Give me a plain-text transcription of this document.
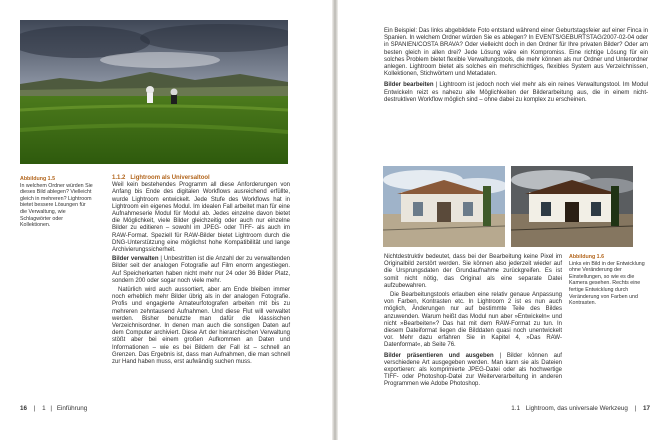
Abbildung 1.5
In welchem Ordner würden Sie dieses Bild ablegen? Vielleicht gleich in mehreren? Lightroom bietet bessere Lösungen für die Verwaltung, wie Schlagwörter oder Kollektionen.

1.1.2 Lightroom als Universaltool
Weil kein bestehendes Programm all diese Anforderungen von Anfang bis Ende des digitalen Workflows ausreichend erfüllte, wurde Lightroom entwickelt. Jede Stufe des Workflows hat in Lightroom ein eigenes Modul. Im idealen Fall arbeitet man für eine Aufnahmeserie Modul für Modul ab. Jedes einzelne davon bietet die Möglichkeit, viele Bilder gleichzeitig oder auch nur einzelne Bilder zu editieren – sowohl im JPEG- oder TIFF- als auch im RAW-Format. Speziell für RAW-Bilder bietet Lightroom durch die DNG-Unterstützung eine möglichst hohe Kompatibilität und lange Archivierungssicherheit.

Bilder verwalten | Unbestritten ist die Anzahl der zu verwaltenden Bilder seit der analogen Fotografie auf Film enorm angestiegen. Auf Speicherkarten haben nicht mehr nur 24 oder 36 Bilder Platz, sondern 200 oder sogar noch viele mehr.

Natürlich wird auch aussortiert, aber am Ende bleiben immer noch erheblich mehr Bilder übrig als in der analogen Fotografie. Profis und engagierte Amateurfotografen arbeiten mit bis zu mehreren zehntausend Aufnahmen. Und diese Flut will verwaltet werden. Bisher benutzte man dafür die klassischen Verzeichnisordner. In denen man auch die sonstigen Daten auf dem Computer archiviert. Diese Art der hierarchischen Verwaltung stößt aber bei einem großen Aufkommen an Daten und Informationen – wie es bei Bildern der Fall ist – schnell an Grenzen. Das Ergebnis ist, dass man Aufnahmen, die man schnell zur Hand haben muss, erst aufwändig suchen muss.

16 | 1 | Einführung

Ein Beispiel: Das links abgebildete Foto entstand während einer Geburtstagsfeier auf einer Finca in Spanien. In welchem Ordner würden Sie es ablegen? In EVENTS/GEBURTSTAG/2007-02-04 oder in SPANIEN/COSTA BRAVA? Oder vielleicht doch in den Ordner für Ihre privaten Bilder? Oder am besten gleich in allen drei? Jede Lösung wäre ein Kompromiss. Eine richtige Lösung für ein solches Problem bietet flexible Verwaltungstools, die mehr können als nur Ordner und Unterordner anlegen. Lightroom bietet als solches ein mehrschichtiges, flexibles System aus Verzeichnissen, Kollektionen, Stichwörtern und Metadaten.

Bilder bearbeiten | Lightroom ist jedoch noch viel mehr als ein reines Verwaltungstool. Im Modul Entwickeln reizt es nahezu alle Möglichkeiten der Bilderarbeitung aus, die in einem nicht-destruktiven Workflow möglich sind – ohne dabei zu komplex zu erscheinen.

Abbildung 1.6
Links ein Bild in der Entwicklung ohne Veränderung der Einstellungen, so wie es die Kamera gesehen. Rechts eine fertige Entwicklung durch Veränderung von Farben und Kontrasten.

Nichtdestruktiv bedeutet, dass bei der Bearbeitung keine Pixel im Originalbild zerstört werden. Sie können also jederzeit wieder auf die Ursprungsdaten der Grundaufnahme zurückgreifen. Es ist somit nicht nötig, das Original als eine separate Datei aufzubewahren.

Die Bearbeitungstools erlauben eine relativ genaue Anpassung von Farben, Kontrasten etc. In Lightroom 2 ist es nun auch möglich, Änderungen nur auf bestimmte Teile des Bildes anzuwenden. Warum heißt das Modul nun aber »Entwickeln« und nicht »Bearbeiten«? Das hat mit dem RAW-Format zu tun. In diesem Dateiformat liegen die Bilddaten quasi noch unentwickelt vor. Mehr dazu erfahren Sie in Kapitel 4, »Das RAW-Datenformat«, ab Seite 76.

Bilder präsentieren und ausgeben | Bilder können auf verschiedene Art ausgegeben werden. Man kann sie als Dateien exportieren: als komprimierte JPEG-Datei oder als hochwertige TIFF- oder Photoshop-Datei zur Weiterverarbeitung in anderen Programmen wie Adobe Photoshop.

1.1 Lightroom, das universale Werkzeug | 17
